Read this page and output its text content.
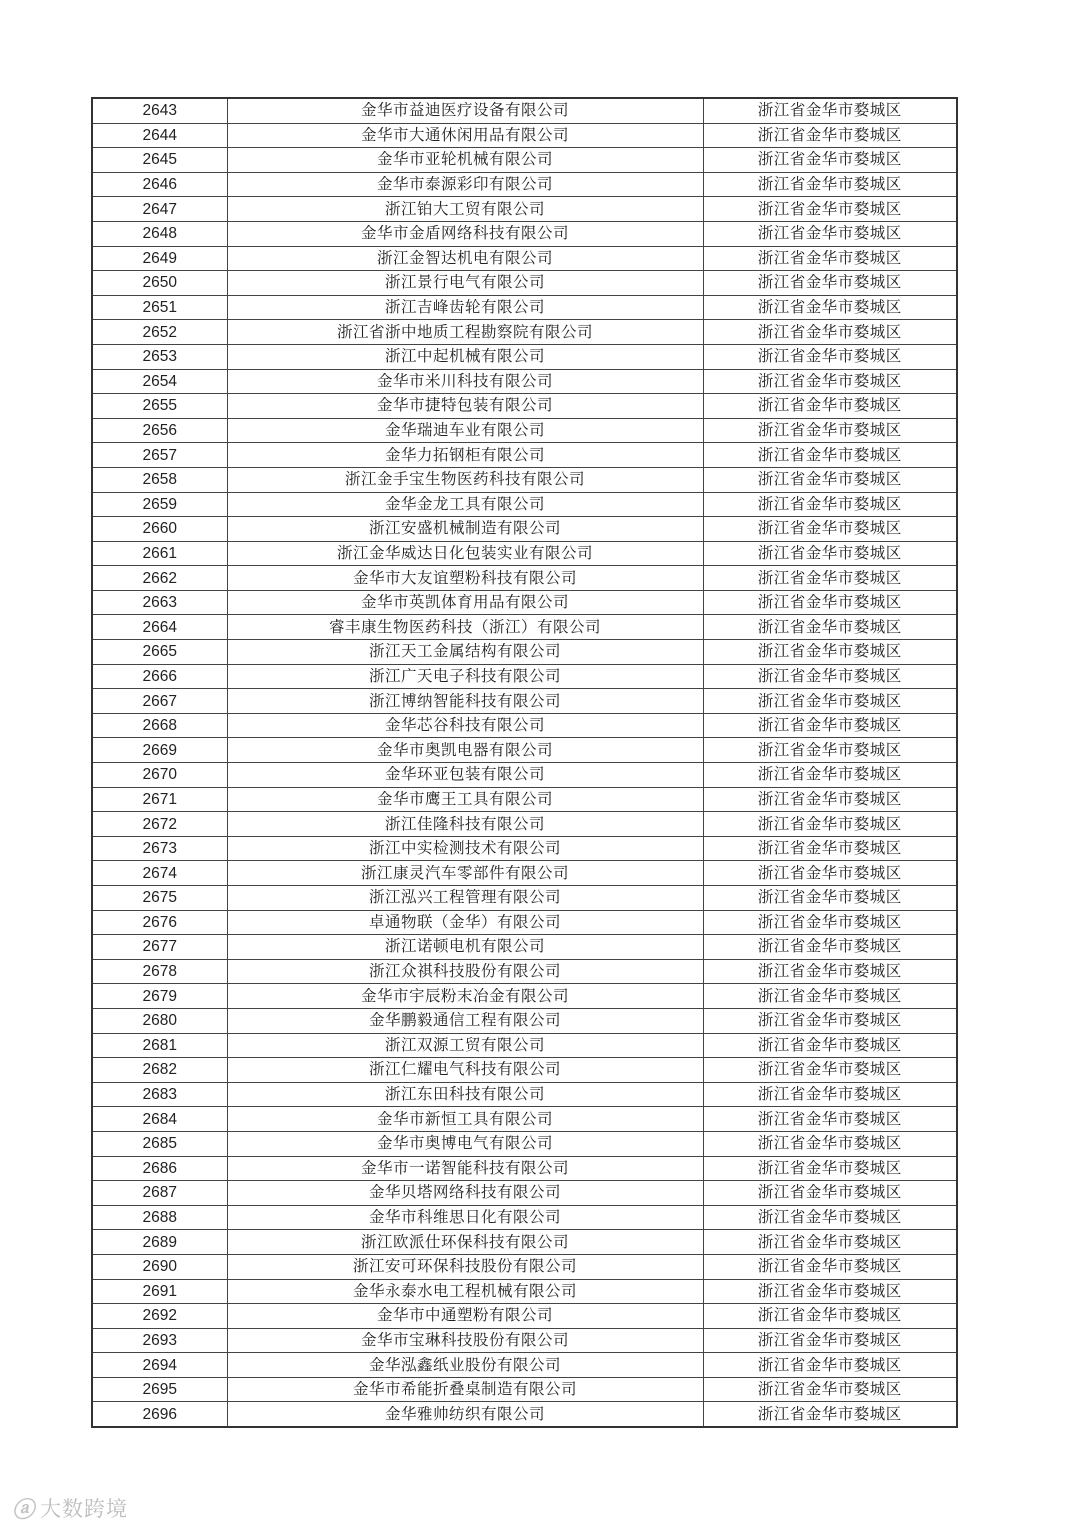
2643	金华市益迪医疗设备有限公司	浙江省金华市婺城区
2644	金华市大通休闲用品有限公司	浙江省金华市婺城区
2645	金华市亚轮机械有限公司	浙江省金华市婺城区
2646	金华市泰源彩印有限公司	浙江省金华市婺城区
2647	浙江铂大工贸有限公司	浙江省金华市婺城区
2648	金华市金盾网络科技有限公司	浙江省金华市婺城区
2649	浙江金智达机电有限公司	浙江省金华市婺城区
2650	浙江景行电气有限公司	浙江省金华市婺城区
2651	浙江吉峰齿轮有限公司	浙江省金华市婺城区
2652	浙江省浙中地质工程勘察院有限公司	浙江省金华市婺城区
2653	浙江中起机械有限公司	浙江省金华市婺城区
2654	金华市米川科技有限公司	浙江省金华市婺城区
2655	金华市捷特包装有限公司	浙江省金华市婺城区
2656	金华瑞迪车业有限公司	浙江省金华市婺城区
2657	金华力拓钢柜有限公司	浙江省金华市婺城区
2658	浙江金手宝生物医药科技有限公司	浙江省金华市婺城区
2659	金华金龙工具有限公司	浙江省金华市婺城区
2660	浙江安盛机械制造有限公司	浙江省金华市婺城区
2661	浙江金华威达日化包装实业有限公司	浙江省金华市婺城区
2662	金华市大友谊塑粉科技有限公司	浙江省金华市婺城区
2663	金华市英凯体育用品有限公司	浙江省金华市婺城区
2664	睿丰康生物医药科技（浙江）有限公司	浙江省金华市婺城区
2665	浙江天工金属结构有限公司	浙江省金华市婺城区
2666	浙江广天电子科技有限公司	浙江省金华市婺城区
2667	浙江博纳智能科技有限公司	浙江省金华市婺城区
2668	金华芯谷科技有限公司	浙江省金华市婺城区
2669	金华市奥凯电器有限公司	浙江省金华市婺城区
2670	金华环亚包装有限公司	浙江省金华市婺城区
2671	金华市鹰王工具有限公司	浙江省金华市婺城区
2672	浙江佳隆科技有限公司	浙江省金华市婺城区
2673	浙江中实检测技术有限公司	浙江省金华市婺城区
2674	浙江康灵汽车零部件有限公司	浙江省金华市婺城区
2675	浙江泓兴工程管理有限公司	浙江省金华市婺城区
2676	卓通物联（金华）有限公司	浙江省金华市婺城区
2677	浙江诺顿电机有限公司	浙江省金华市婺城区
2678	浙江众祺科技股份有限公司	浙江省金华市婺城区
2679	金华市宇辰粉末冶金有限公司	浙江省金华市婺城区
2680	金华鹏毅通信工程有限公司	浙江省金华市婺城区
2681	浙江双源工贸有限公司	浙江省金华市婺城区
2682	浙江仁耀电气科技有限公司	浙江省金华市婺城区
2683	浙江东田科技有限公司	浙江省金华市婺城区
2684	金华市新恒工具有限公司	浙江省金华市婺城区
2685	金华市奥博电气有限公司	浙江省金华市婺城区
2686	金华市一诺智能科技有限公司	浙江省金华市婺城区
2687	金华贝塔网络科技有限公司	浙江省金华市婺城区
2688	金华市科维思日化有限公司	浙江省金华市婺城区
2689	浙江欧派仕环保科技有限公司	浙江省金华市婺城区
2690	浙江安可环保科技股份有限公司	浙江省金华市婺城区
2691	金华永泰水电工程机械有限公司	浙江省金华市婺城区
2692	金华市中通塑粉有限公司	浙江省金华市婺城区
2693	金华市宝琳科技股份有限公司	浙江省金华市婺城区
2694	金华泓鑫纸业股份有限公司	浙江省金华市婺城区
2695	金华市希能折叠桌制造有限公司	浙江省金华市婺城区
2696	金华雅帅纺织有限公司	浙江省金华市婺城区
ⓐ 大数跨境
